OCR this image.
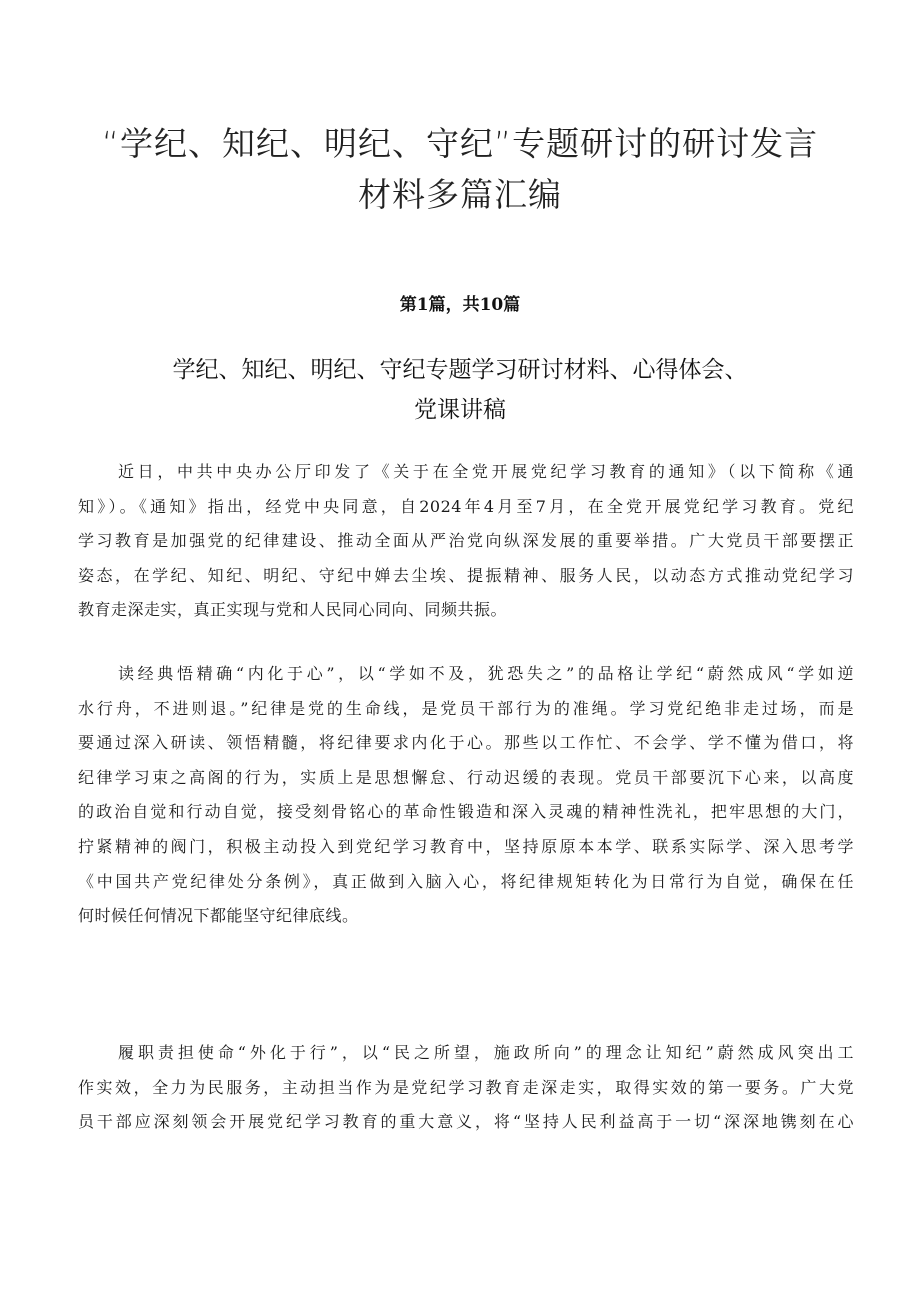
“学纪、知纪、明纪、守纪”专题研讨的研讨发言
材料多篇汇编
第1篇，共10篇
学纪、知纪、明纪、守纪专题学习研讨材料、心得体会、
党课讲稿
近日，中共中央办公厅印发了《关于在全党开展党纪学习教育的通知》（以下简称《通
知》）。《通知》指出，经党中央同意，自2024年4月至7月，在全党开展党纪学习教育。党纪
学习教育是加强党的纪律建设、推动全面从严治党向纵深发展的重要举措。广大党员干部要摆正
姿态，在学纪、知纪、明纪、守纪中婵去尘埃、提振精神、服务人民，以动态方式推动党纪学习
教育走深走实，真正实现与党和人民同心同向、同频共振。
读经典悟精确“内化于心”，以“学如不及，犹恐失之”的品格让学纪“蔚然成风“学如逆
水行舟，不进则退。”纪律是党的生命线，是党员干部行为的准绳。学习党纪绝非走过场，而是
要通过深入研读、领悟精髓，将纪律要求内化于心。那些以工作忙、不会学、学不懂为借口，将
纪律学习束之高阁的行为，实质上是思想懈怠、行动迟缓的表现。党员干部要沉下心来，以高度
的政治自觉和行动自觉，接受刻骨铭心的革命性锻造和深入灵魂的精神性洗礼，把牢思想的大门，
拧紧精神的阀门，积极主动投入到党纪学习教育中，坚持原原本本学、联系实际学、深入思考学
《中国共产党纪律处分条例》，真正做到入脑入心，将纪律规矩转化为日常行为自觉，确保在任
何时候任何情况下都能坚守纪律底线。
履职责担使命“外化于行”，以“民之所望，施政所向”的理念让知纪”蔚然成风突出工
作实效，全力为民服务，主动担当作为是党纪学习教育走深走实，取得实效的第一要务。广大党
员干部应深刻领会开展党纪学习教育的重大意义，将“坚持人民利益高于一切“深深地镌刻在心
